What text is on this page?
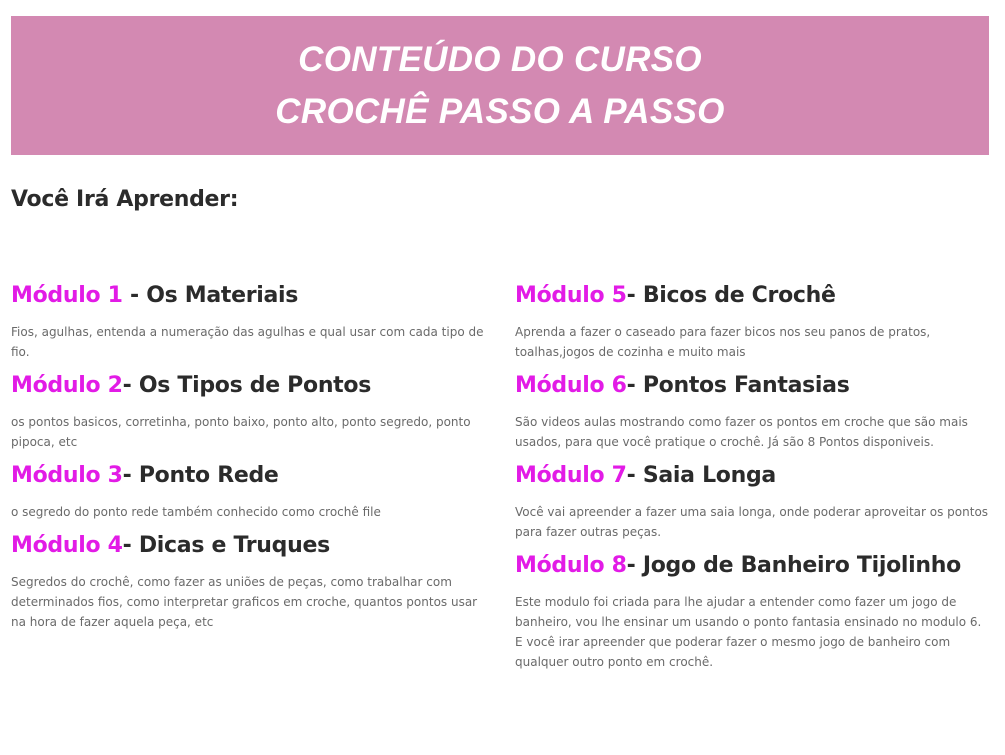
CONTEÚDO DO CURSO
CROCHÊ PASSO A PASSO
Você Irá Aprender:
Módulo 1 - Os Materiais

Fios, agulhas, entenda a numeração das agulhas e qual usar com cada tipo de fio.

Módulo 2- Os Tipos de Pontos

os pontos basicos, corretinha, ponto baixo, ponto alto, ponto segredo, ponto pipoca, etc

Módulo 3- Ponto Rede

o segredo do ponto rede também conhecido como crochê file

Módulo 4- Dicas e Truques

Segredos do crochê, como fazer as uniões de peças, como trabalhar com determinados fios, como interpretar graficos em croche, quantos pontos usar na hora de fazer aquela peça, etc

Módulo 5- Bicos de Crochê

Aprenda a fazer o caseado para fazer bicos nos seu panos de pratos, toalhas,jogos de cozinha e muito mais

Módulo 6- Pontos Fantasias

São videos aulas mostrando como fazer os pontos em croche que são mais usados, para que você pratique o crochê. Já são 8 Pontos disponiveis.

Módulo 7- Saia Longa

Você vai apreender a fazer uma saia longa, onde poderar aproveitar os pontos para fazer outras peças.

Módulo 8- Jogo de Banheiro Tijolinho

Este modulo foi criada para lhe ajudar a entender como fazer um jogo de banheiro, vou lhe ensinar um usando o ponto fantasia ensinado no modulo 6. E você irar apreender que poderar fazer o mesmo jogo de banheiro com qualquer outro ponto em crochê.
